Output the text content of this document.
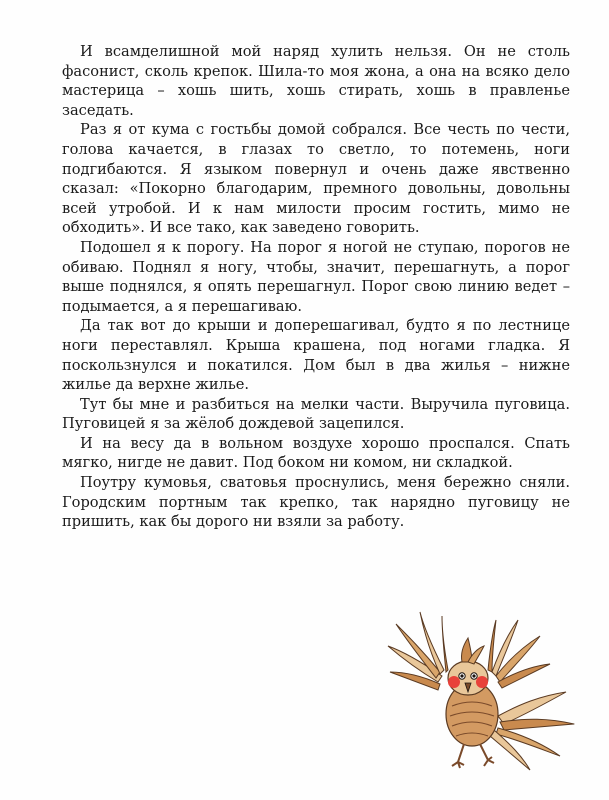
И всамделишной мой наряд хулить нельзя. Он не столь фасонист, сколь крепок. Шила-то моя жона, а она на всяко дело мастерица – хошь шить, хошь стирать, хошь в правленье заседать.

Раз я от кума с гостьбы домой собрался. Все честь по чести, голова качается, в глазах то светло, то потемень, ноги подгибаются. Я языком повернул и очень даже явственно сказал: «Покорно благодарим, премного довольны, довольны всей утробой. И к нам милости просим гостить, мимо не обходить». И все тако, как заведено говорить.

Подошел я к порогу. На порог я ногой не ступаю, порогов не обиваю. Поднял я ногу, чтобы, значит, перешагнуть, а порог выше поднялся, я опять перешагнул. Порог свою линию ведет – подымается, а я перешагиваю.

Да так вот до крыши и доперешагивал, будто я по лестнице ноги переставлял. Крыша крашена, под ногами гладка. Я поскользнулся и покатился. Дом был в два жилья – нижне жилье да верхне жилье.

Тут бы мне и разбиться на мелки части. Выручила пуговица. Пуговицей я за жёлоб дождевой зацепился.

И на весу да в вольном воздухе хорошо проспался. Спать мягко, нигде не давит. Под боком ни комом, ни складкой.

Поутру кумовья, сватовья проснулись, меня бережно сняли. Городским портным так крепко, так нарядно пуговицу не пришить, как бы дорого ни взяли за работу.
